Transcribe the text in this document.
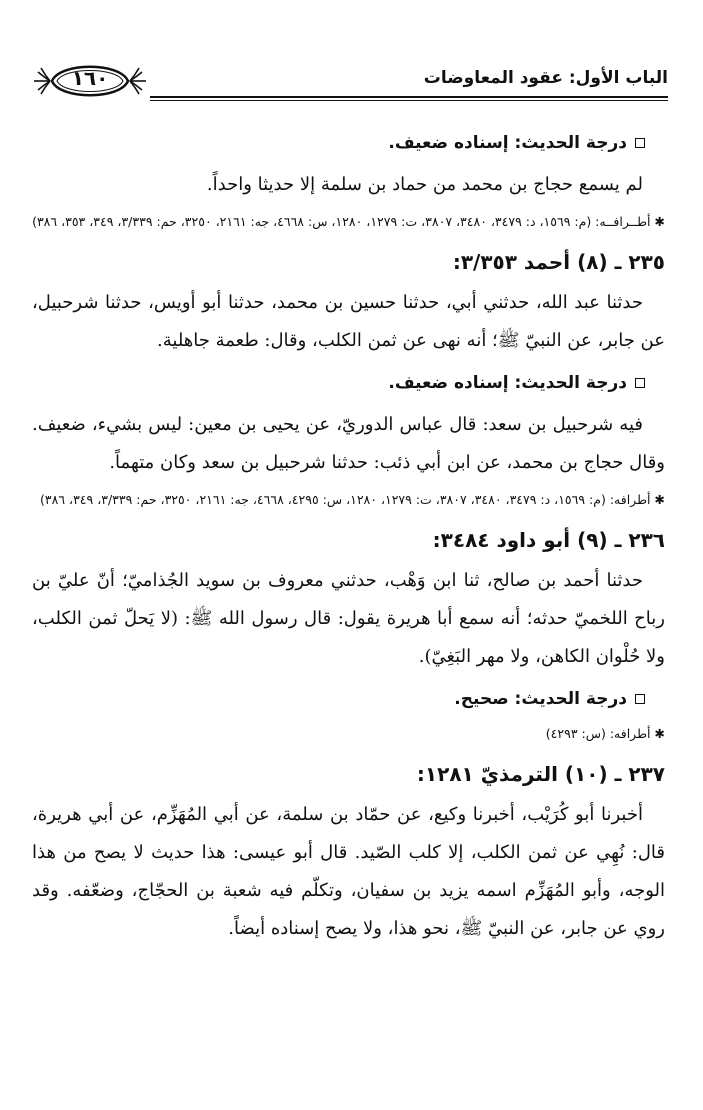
الباب الأول: عقود المعاوضات
١٦٠
درجة الحديث: إسناده ضعيف.

لم يسمع حجاج بن محمد من حماد بن سلمة إلا حديثا واحداً.

✱أطــرافــه: (م: ١٥٦٩، د: ٣٤٧٩، ٣٤٨٠، ٣٨٠٧، ت: ١٢٧٩، ١٢٨٠، س: ٤٦٦٨، جه: ٢١٦١، ٣٢٥٠، حم: ٣/٣٣٩، ٣٤٩، ٣٥٣، ٣٨٦)
٢٣٥ ـ (٨) أحمد ٣/٣٥٣:

حدثنا عبد الله، حدثني أبي، حدثنا حسين بن محمد، حدثنا أبو أويس، حدثنا شرحبيل، عن جابر، عن النبيّ ﷺ؛ أنه نهى عن ثمن الكلب، وقال: طعمة جاهلية.

درجة الحديث: إسناده ضعيف.

فيه شرحبيل بن سعد: قال عباس الدوريّ، عن يحيى بن معين: ليس بشيء، ضعيف. وقال حجاج بن محمد، عن ابن أبي ذئب: حدثنا شرحبيل بن سعد وكان متهماً.

✱أطرافه: (م: ١٥٦٩، د: ٣٤٧٩، ٣٤٨٠، ٣٨٠٧، ت: ١٢٧٩، ١٢٨٠، س: ٤٢٩٥، ٤٦٦٨، جه: ٢١٦١، ٣٢٥٠، حم: ٣/٣٣٩، ٣٤٩، ٣٨٦)
٢٣٦ ـ (٩) أبو داود ٣٤٨٤:

حدثنا أحمد بن صالح، ثنا ابن وَهْب، حدثني معروف بن سويد الجُذاميّ؛ أنّ عليّ بن رباح اللخميّ حدثه؛ أنه سمع أبا هريرة يقول: قال رسول الله ﷺ: (لا يَحلّ ثمن الكلب، ولا حُلْوان الكاهن، ولا مهر البَغِيّ).

درجة الحديث: صحيح.
✱أطرافه: (س: ٤٢٩٣)
٢٣٧ ـ (١٠) الترمذيّ ١٢٨١:

أخبرنا أبو كُرَيْب، أخبرنا وكيع، عن حمّاد بن سلمة، عن أبي المُهَزِّم، عن أبي هريرة، قال: نُهِي عن ثمن الكلب، إلا كلب الصّيد. قال أبو عيسى: هذا حديث لا يصح من هذا الوجه، وأبو المُهَزِّم اسمه يزيد بن سفيان، وتكلّم فيه شعبة بن الحجّاج، وضعّفه. وقد روي عن جابر، عن النبيّ ﷺ، نحو هذا، ولا يصح إسناده أيضاً.
